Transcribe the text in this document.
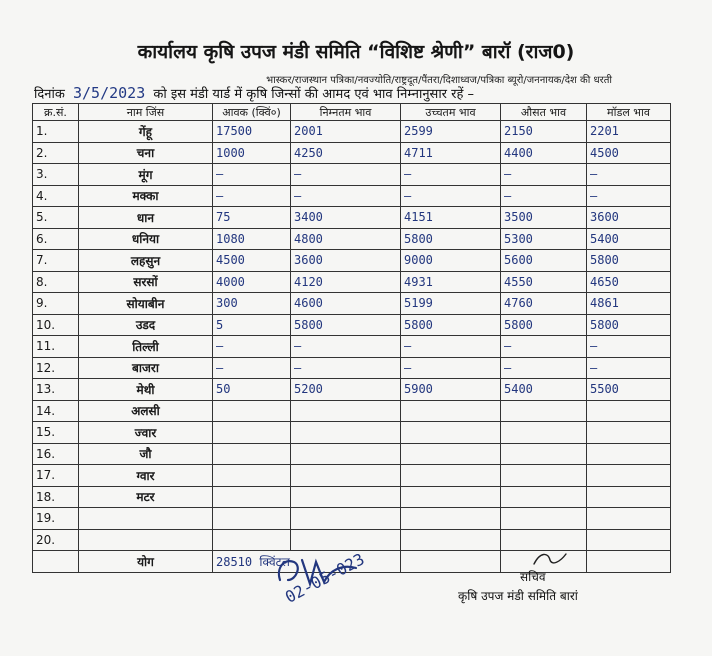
कार्यालय कृषि उपज मंडी समिति “विशिष्ट श्रेणी” बारॉ (राज0)
भास्कर/राजस्थान पत्रिका/नवज्योति/राष्ट्रदूत/पैंतरा/दिशाध्वज/पत्रिका ब्यूरो/जननायक/देश की धरती
दिनांक 3/5/2023 को इस मंडी यार्ड में कृषि जिन्सों की आमद एवं भाव निम्नानुसार रहें –
क्र.सं.	नाम जिंस	आवक (क्विं०)	निम्नतम भाव	उच्चतम भाव	औसत भाव	मॉडल भाव
1.	गेंहू	17500	2001	2599	2150	2201
2.	चना	1000	4250	4711	4400	4500
3.	मूंग	—	—	—	—	—
4.	मक्का	—	—	—	—	—
5.	धान	75	3400	4151	3500	3600
6.	धनिया	1080	4800	5800	5300	5400
7.	लहसुन	4500	3600	9000	5600	5800
8.	सरसों	4000	4120	4931	4550	4650
9.	सोयाबीन	300	4600	5199	4760	4861
10.	उडद	5	5800	5800	5800	5800
11.	तिल्ली	—	—	—	—	—
12.	बाजरा	—	—	—	—	—
13.	मेथी	50	5200	5900	5400	5500
14.	अलसी					
15.	ज्वार					
16.	जौ					
17.	ग्वार					
18.	मटर					
19.						
20.						
	योग	28510 क्विंटल				
02-05-023	सचिव
कृषि उपज मंडी समिति बारां
